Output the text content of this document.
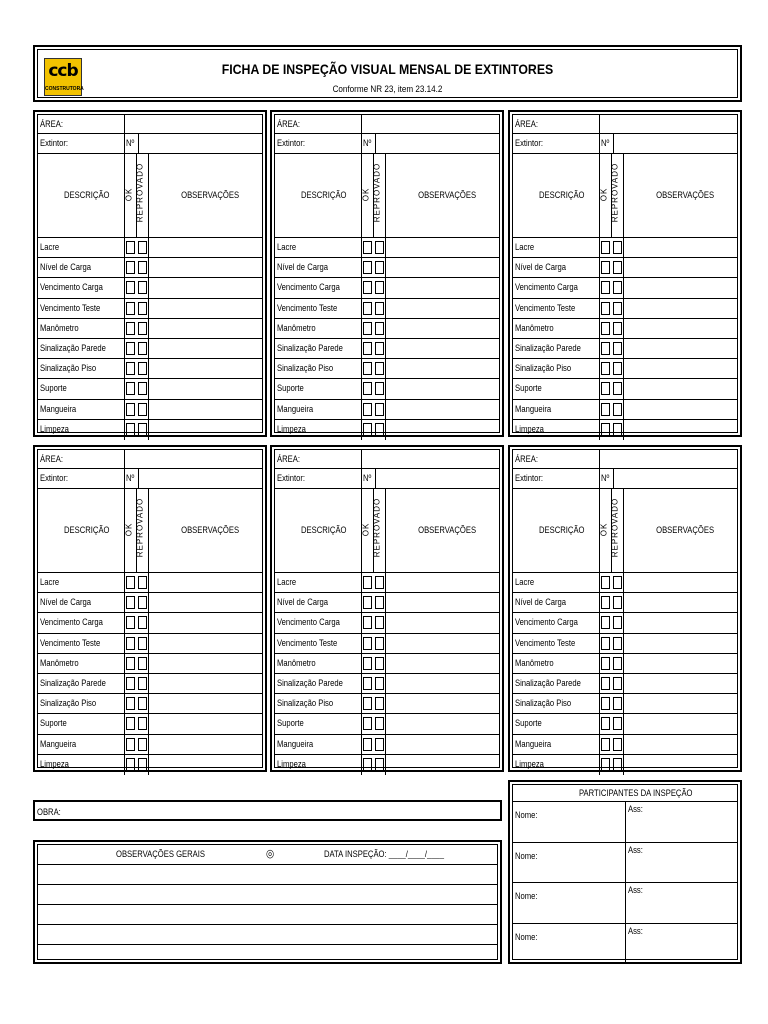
ccb
CONSTRUTORA
FICHA DE INSPEÇÃO VISUAL MENSAL DE EXTINTORES
Conforme NR 23, item 23.14.2
ÁREA:
Extintor:	Nº
DESCRIÇÃO OK REPROVADO	OBSERVAÇÕES
Lacre
Nível de Carga
Vencimento Carga
Vencimento Teste
Manômetro
Sinalização Parede
Sinalização Piso
Suporte
Mangueira
Limpeza
ÁREA:
Extintor:	Nº
DESCRIÇÃO OK REPROVADO	OBSERVAÇÕES
Lacre
Nível de Carga
Vencimento Carga
Vencimento Teste
Manômetro
Sinalização Parede
Sinalização Piso
Suporte
Mangueira
Limpeza
ÁREA:
Extintor:	Nº
DESCRIÇÃO OK REPROVADO	OBSERVAÇÕES
Lacre
Nível de Carga
Vencimento Carga
Vencimento Teste
Manômetro
Sinalização Parede
Sinalização Piso
Suporte
Mangueira
Limpeza
ÁREA:
Extintor:	Nº
DESCRIÇÃO OK REPROVADO	OBSERVAÇÕES
Lacre
Nível de Carga
Vencimento Carga
Vencimento Teste
Manômetro
Sinalização Parede
Sinalização Piso
Suporte
Mangueira
Limpeza
ÁREA:
Extintor:	Nº
DESCRIÇÃO OK REPROVADO	OBSERVAÇÕES
Lacre
Nível de Carga
Vencimento Carga
Vencimento Teste
Manômetro
Sinalização Parede
Sinalização Piso
Suporte
Mangueira
Limpeza
ÁREA:
Extintor:	Nº
DESCRIÇÃO OK REPROVADO	OBSERVAÇÕES
Lacre
Nível de Carga
Vencimento Carga
Vencimento Teste
Manômetro
Sinalização Parede
Sinalização Piso
Suporte
Mangueira
Limpeza
OBRA:
OBSERVAÇÕES GERAIS	◎	DATA INSPEÇÃO: ____/____/____
PARTICIPANTES DA INSPEÇÃO
Nome:
Ass:
Nome:
Ass:
Nome:
Ass:
Nome:
Ass:
